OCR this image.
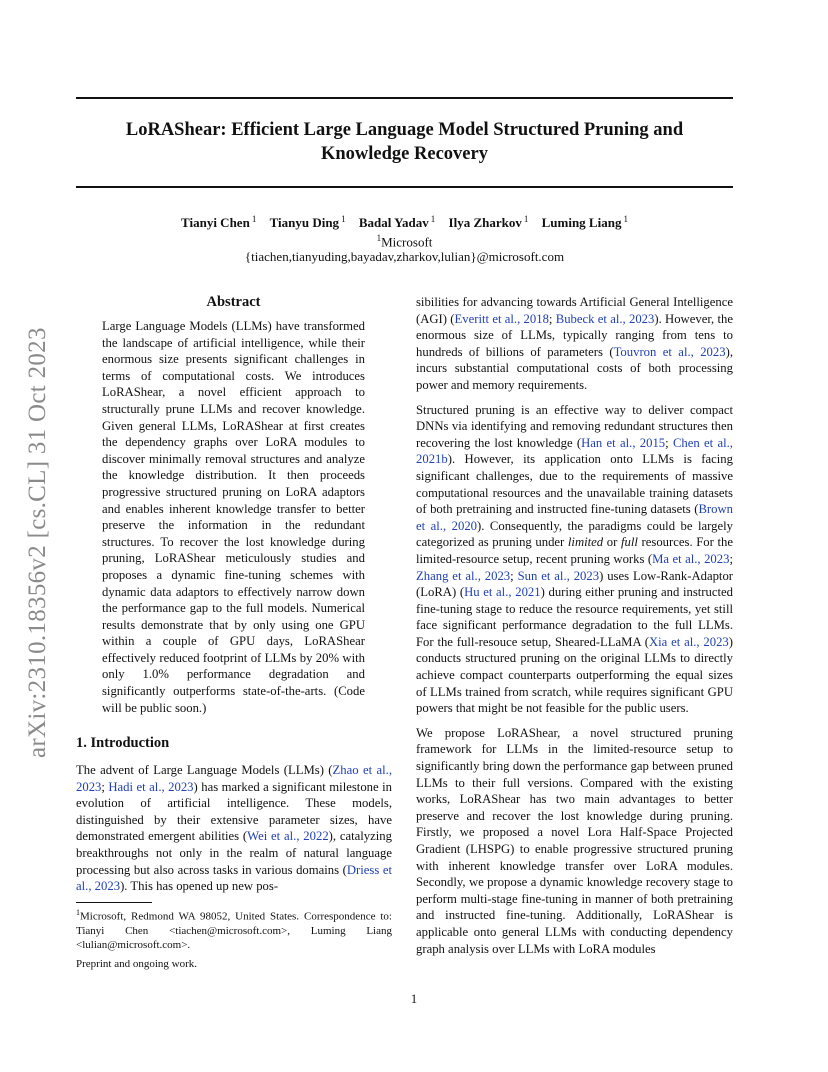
LoRAShear: Efficient Large Language Model Structured Pruning and
Knowledge Recovery
Tianyi Chen $^1$ Tianyu Ding $^1$ Badal Yadav $^1$ Ilya Zharkov $^1$ Luming Liang $^1$
$^1$Microsoft
{tiachen,tianyuding,bayadav,zharkov,lulian}@microsoft.com
arXiv:2310.18356v2 [cs.CL] 31 Oct 2023
Abstract

Large Language Models (LLMs) have transformed the landscape of artificial intelligence, while their enormous size presents significant challenges in terms of computational costs. We introduces LoRAShear, a novel efficient approach to structurally prune LLMs and recover knowledge. Given general LLMs, LoRAShear at first creates the dependency graphs over LoRA modules to discover minimally removal structures and analyze the knowledge distribution. It then proceeds progressive structured pruning on LoRA adaptors and enables inherent knowledge transfer to better preserve the information in the redundant structures. To recover the lost knowledge during pruning, LoRAShear meticulously studies and proposes a dynamic fine-tuning schemes with dynamic data adaptors to effectively narrow down the performance gap to the full models. Numerical results demonstrate that by only using one GPU within a couple of GPU days, LoRAShear effectively reduced footprint of LLMs by 20% with only 1.0% performance degradation and significantly outperforms state-of-the-arts. (Code will be public soon.)

1. Introduction

The advent of Large Language Models (LLMs) (Zhao et al., 2023; Hadi et al., 2023) has marked a significant milestone in evolution of artificial intelligence. These models, distinguished by their extensive parameter sizes, have demonstrated emergent abilities (Wei et al., 2022), catalyzing breakthroughs not only in the realm of natural language processing but also across tasks in various domains (Driess et al., 2023). This has opened up new pos-

sibilities for advancing towards Artificial General Intelligence (AGI) (Everitt et al., 2018; Bubeck et al., 2023). However, the enormous size of LLMs, typically ranging from tens to hundreds of billions of parameters (Touvron et al., 2023), incurs substantial computational costs of both processing power and memory requirements.

Structured pruning is an effective way to deliver compact DNNs via identifying and removing redundant structures then recovering the lost knowledge (Han et al., 2015; Chen et al., 2021b). However, its application onto LLMs is facing significant challenges, due to the requirements of massive computational resources and the unavailable training datasets of both pretraining and instructed fine-tuning datasets (Brown et al., 2020). Consequently, the paradigms could be largely categorized as pruning under limited or full resources. For the limited-resource setup, recent pruning works (Ma et al., 2023; Zhang et al., 2023; Sun et al., 2023) uses Low-Rank-Adaptor (LoRA) (Hu et al., 2021) during either pruning and instructed fine-tuning stage to reduce the resource requirements, yet still face significant performance degradation to the full LLMs. For the full-resouce setup, Sheared-LLaMA (Xia et al., 2023) conducts structured pruning on the original LLMs to directly achieve compact counterparts outperforming the equal sizes of LLMs trained from scratch, while requires significant GPU powers that might be not feasible for the public users.

We propose LoRAShear, a novel structured pruning framework for LLMs in the limited-resource setup to significantly bring down the performance gap between pruned LLMs to their full versions. Compared with the existing works, LoRAShear has two main advantages to better preserve and recover the lost knowledge during pruning. Firstly, we proposed a novel Lora Half-Space Projected Gradient (LHSPG) to enable progressive structured pruning with inherent knowledge transfer over LoRA modules. Secondly, we propose a dynamic knowledge recovery stage to perform multi-stage fine-tuning in manner of both pretraining and instructed fine-tuning. Additionally, LoRAShear is applicable onto general LLMs with conducting dependency graph analysis over LLMs with LoRA modules

$^1$Microsoft, Redmond WA 98052, United States. Correspondence to: Tianyi Chen <tiachen@microsoft.com>, Luming Liang <lulian@microsoft.com>.
Preprint and ongoing work.
1
